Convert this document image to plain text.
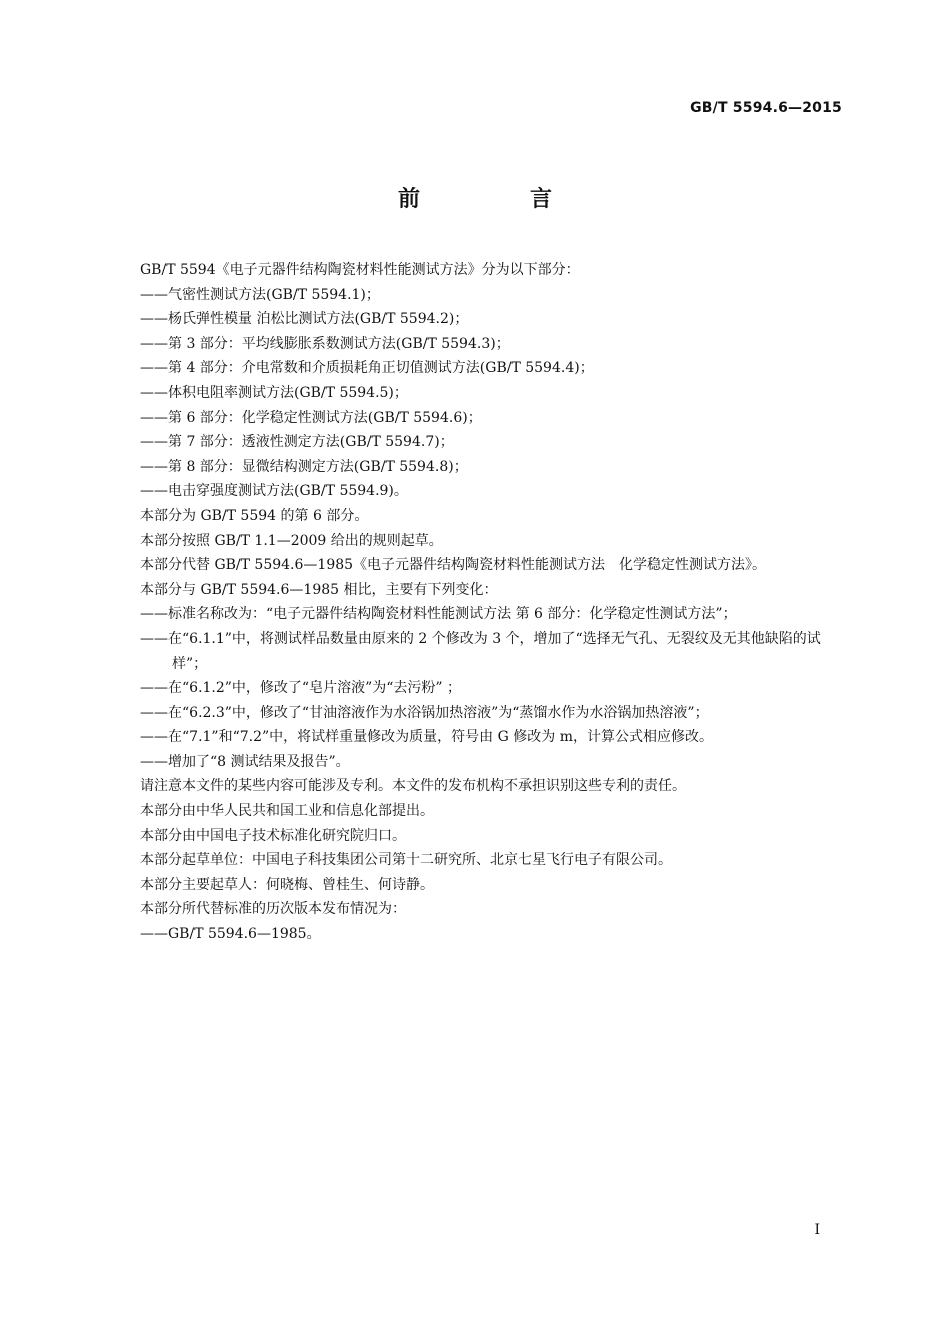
GB/T 5594.6—2015
前　言
GB/T 5594《电子元器件结构陶瓷材料性能测试方法》分为以下部分：
——气密性测试方法(GB/T 5594.1)；
——杨氏弹性模量 泊松比测试方法(GB/T 5594.2)；
——第 3 部分：平均线膨胀系数测试方法(GB/T 5594.3)；
——第 4 部分：介电常数和介质损耗角正切值测试方法(GB/T 5594.4)；
——体积电阻率测试方法(GB/T 5594.5)；
——第 6 部分：化学稳定性测试方法(GB/T 5594.6)；
——第 7 部分：透液性测定方法(GB/T 5594.7)；
——第 8 部分：显微结构测定方法(GB/T 5594.8)；
——电击穿强度测试方法(GB/T 5594.9)。
本部分为 GB/T 5594 的第 6 部分。
本部分按照 GB/T 1.1—2009 给出的规则起草。
本部分代替 GB/T 5594.6—1985《电子元器件结构陶瓷材料性能测试方法　化学稳定性测试方法》。
本部分与 GB/T 5594.6—1985 相比，主要有下列变化：
——标准名称改为：“电子元器件结构陶瓷材料性能测试方法 第 6 部分：化学稳定性测试方法”；
——在“6.1.1”中，将测试样品数量由原来的 2 个修改为 3 个，增加了“选择无气孔、无裂纹及无其他缺陷的试样”；
——在“6.1.2”中，修改了“皂片溶液”为“去污粉” ；
——在“6.2.3”中，修改了“甘油溶液作为水浴锅加热溶液”为“蒸馏水作为水浴锅加热溶液”；
——在“7.1”和“7.2”中，将试样重量修改为质量，符号由 G 修改为 m，计算公式相应修改。
——增加了“8 测试结果及报告”。
请注意本文件的某些内容可能涉及专利。本文件的发布机构不承担识别这些专利的责任。
本部分由中华人民共和国工业和信息化部提出。
本部分由中国电子技术标准化研究院归口。
本部分起草单位：中国电子科技集团公司第十二研究所、北京七星飞行电子有限公司。
本部分主要起草人：何晓梅、曾桂生、何诗静。
本部分所代替标准的历次版本发布情况为：
——GB/T 5594.6—1985。
I
